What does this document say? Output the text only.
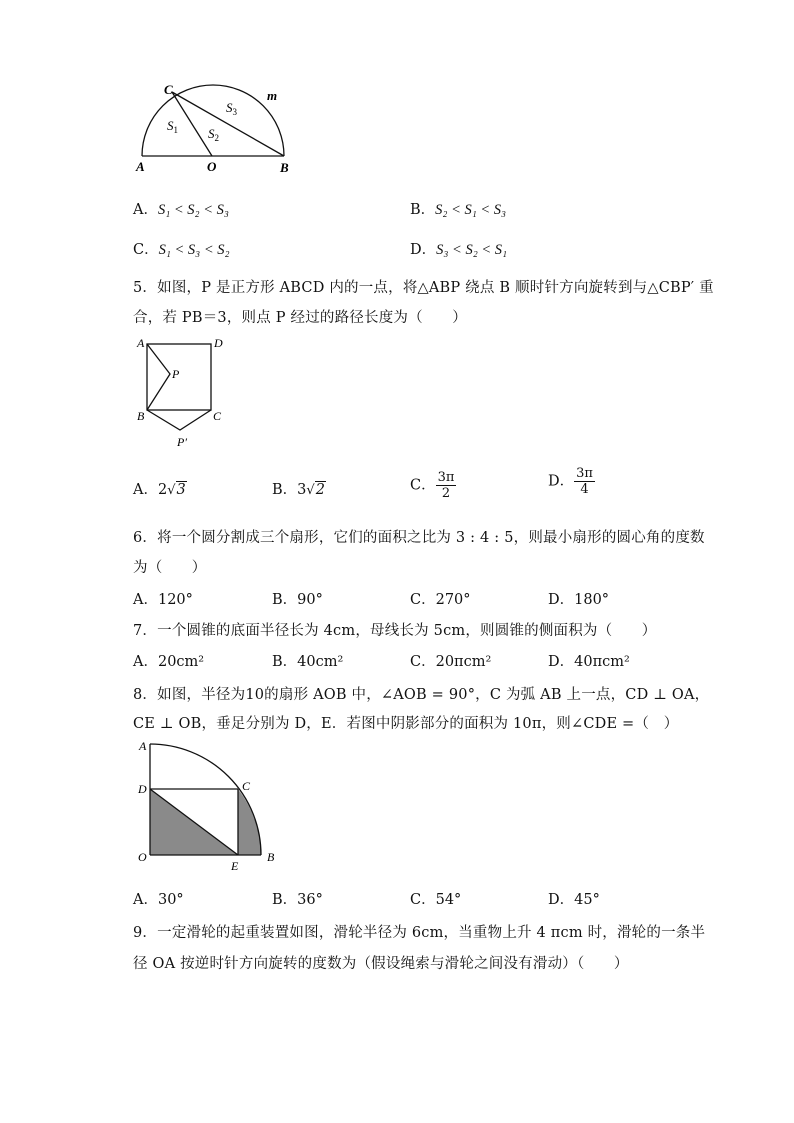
C	m
A	O	B
$S_1$ $S_2$
$S_3$
A．S₁ < S₂ < S₃	B．S₂ < S₁ < S₃
C．S₁ < S₃ < S₂	D．S₃ < S₂ < S₁
5．如图，P 是正方形 ABCD 内的一点，将△ABP 绕点 B 顺时针方向旋转到与△CBP′ 重
合，若 PB＝3，则点 P 经过的路径长度为（　　）
A	D
P
B	C
P′
A．2√3	B．3√2	C． $\frac{3\pi}{2}$	D． $\frac{3\pi}{4}$
6．将一个圆分割成三个扇形，它们的面积之比为 3 : 4 : 5，则最小扇形的圆心角的度数
为（　　）
A．120°	B．90°	C．270°	D．180°
7．一个圆锥的底面半径长为 4cm，母线长为 5cm，则圆锥的侧面积为（　　）
A．20cm²	B．40cm²	C．20πcm²	D．40πcm²
8．如图，半径为10的扇形 AOB 中，∠AOB = 90°，C 为弧 AB 上一点，CD ⊥ OA，
CE ⊥ OB，垂足分别为 D，E．若图中阴影部分的面积为 10π，则∠CDE =（　）
A
D	C
O
E
B
A．30°	B．36°	C．54°	D．45°
9．一定滑轮的起重装置如图，滑轮半径为 6cm，当重物上升 4 πcm 时，滑轮的一条半
径 OA 按逆时针方向旋转的度数为（假设绳索与滑轮之间没有滑动）（　　）
